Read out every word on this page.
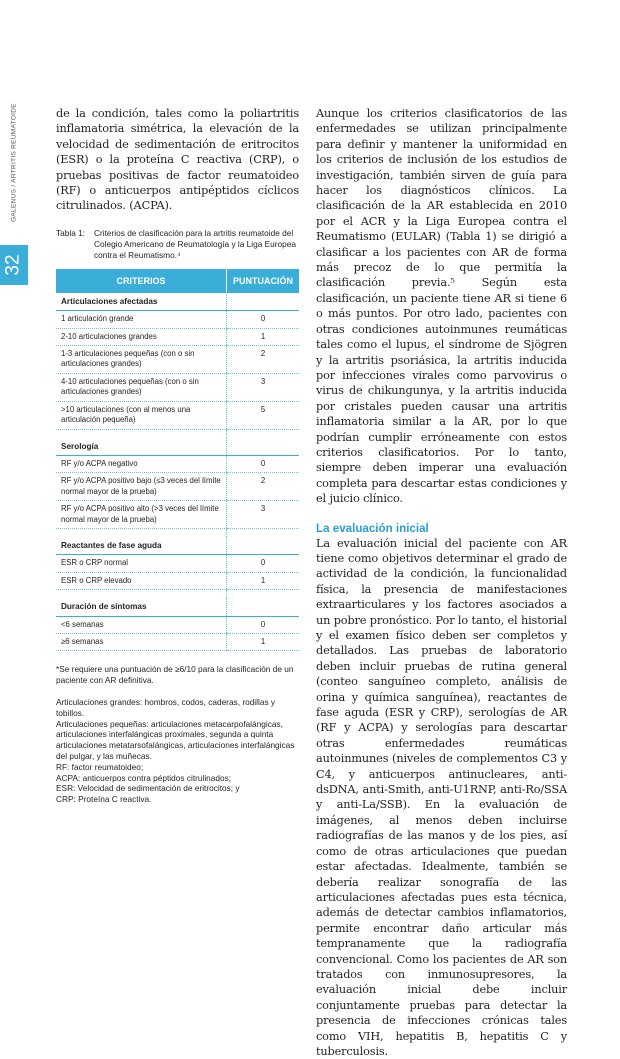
GALENUS / ARTRITIS REUMATOIDE
32

de la condición, tales como la poliartritis inflamatoria simétrica, la elevación de la velocidad de sedimentación de eritrocitos (ESR) o la proteína C reactiva (CRP), o pruebas positivas de factor reumatoideo (RF) o anticuerpos antipéptidos cíclicos citrulinados. (ACPA).

Tabla 1:	Criterios de clasificación para la artritis reumatoide del Colegio Americano de Reumatología y la Liga Europea contra el Reumatismo.⁴
CRITERIOS	PUNTUACIÓN
Articulaciones afectadas	
1 articulación grande	0
2-10 articulaciones grandes	1
1-3 articulaciones pequeñas (con o sin articulaciones grandes)	2
4-10 articulaciones pequeñas (con o sin articulaciones grandes)	3
>10 articulaciones (con al menos una articulación pequeña)	5

Serología	
RF y/o ACPA negativo	0
RF y/o ACPA positivo bajo (≤3 veces del límite normal mayor de la prueba)	2
RF y/o ACPA positivo alto (>3 veces del límite normal mayor de la prueba)	3

Reactantes de fase aguda	
ESR o CRP normal	0
ESR o CRP elevado	1

Duración de síntomas	
<6 semanas	0
≥6 semanas	1
*Se requiere una puntuación de ≥6/10 para la clasificación de un paciente con AR definitiva.
Articulaciones grandes: hombros, codos, caderas, rodillas y tobillos.
Articulaciones pequeñas: articulaciones metacarpofalángicas, articulaciones interfalángicas proximales, segunda a quinta articulaciones metatarsofalángicas, articulaciones interfalángicas del pulgar, y las muñecas.
RF: factor reumatoideo;
ACPA: anticuerpos contra péptidos citrulinados;
ESR: Velocidad de sedimentación de eritrocitos; y
CRP: Proteína C reactiva.

Aunque los criterios clasificatorios de las enfermedades se utilizan principalmente para definir y mantener la uniformidad en los criterios de inclusión de los estudios de investigación, también sirven de guía para hacer los diagnósticos clínicos. La clasificación de la AR establecida en 2010 por el ACR y la Liga Europea contra el Reumatismo (EULAR) (Tabla 1) se dirigió a clasificar a los pacientes con AR de forma más precoz de lo que permitía la clasificación previa.⁵ Según esta clasificación, un paciente tiene AR si tiene 6 o más puntos. Por otro lado, pacientes con otras condiciones autoinmunes reumáticas tales como el lupus, el síndrome de Sjögren y la artritis psoriásica, la artritis inducida por infecciones virales como parvovirus o virus de chikungunya, y la artritis inducida por cristales pueden causar una artritis inflamatoria similar a la AR, por lo que podrían cumplir erróneamente con estos criterios clasificatorios. Por lo tanto, siempre deben imperar una evaluación completa para descartar estas condiciones y el juicio clínico.

La evaluación inicial

La evaluación inicial del paciente con AR tiene como objetivos determinar el grado de actividad de la condición, la funcionalidad física, la presencia de manifestaciones extraarticulares y los factores asociados a un pobre pronóstico. Por lo tanto, el historial y el examen físico deben ser completos y detallados. Las pruebas de laboratorio deben incluir pruebas de rutina general (conteo sanguíneo completo, análisis de orina y química sanguínea), reactantes de fase aguda (ESR y CRP), serologías de AR (RF y ACPA) y serologías para descartar otras enfermedades reumáticas autoinmunes (niveles de complementos C3 y C4, y anticuerpos antinucleares, anti-dsDNA, anti-Smith, anti-U1RNP, anti-Ro/SSA y anti-La/SSB). En la evaluación de imágenes, al menos deben incluirse radiografías de las manos y de los pies, así como de otras articulaciones que puedan estar afectadas. Idealmente, también se debería realizar sonografía de las articulaciones afectadas pues esta técnica, además de detectar cambios inflamatorios, permite encontrar daño articular más tempranamente que la radiografía convencional. Como los pacientes de AR son tratados con inmunosupresores, la evaluación inicial debe incluir conjuntamente pruebas para detectar la presencia de infecciones crónicas tales como VIH, hepatitis B, hepatitis C y tuberculosis.
